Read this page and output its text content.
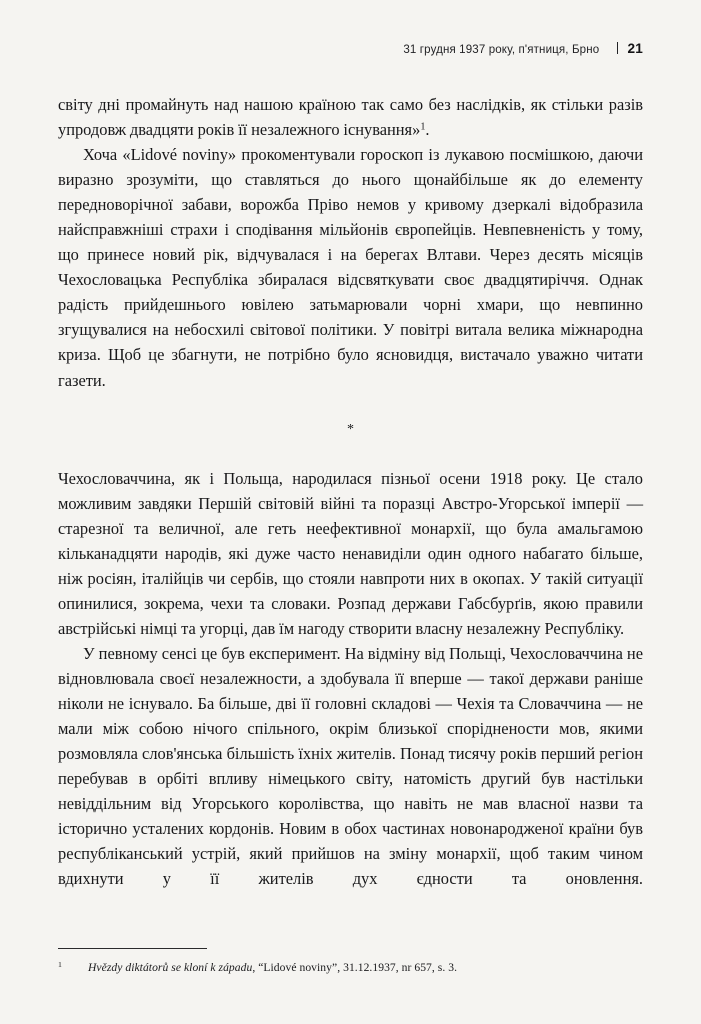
31 грудня 1937 року, п'ятниця, Брно 21

світу дні промайнуть над нашою країною так само без наслідків, як стільки разів упродовж двадцяти років її незалежного існування»$^1$.

Хоча «Lidové noviny» прокоментували гороскоп із лукавою посмішкою, даючи виразно зрозуміти, що ставляться до нього щонайбільше як до елементу передноворічної забави, ворожба Пріво немов у кривому дзеркалі відобразила найсправжніші страхи і сподівання мільйонів європейців. Невпевненість у тому, що принесе новий рік, відчувалася і на берегах Влтави. Через десять місяців Чехословацька Республіка збиралася відсвяткувати своє двадцятиріччя. Однак радість прийдешнього ювілею затьмарювали чорні хмари, що невпинно згущувалися на небосхилі світової політики. У повітрі витала велика міжнародна криза. Щоб це збагнути, не потрібно було ясновидця, вистачало уважно читати газети.

*

Чехословаччина, як і Польща, народилася пізньої осени 1918 року. Це стало можливим завдяки Першій світовій війні та поразці Австро-Угорської імперії — старезної та величної, але геть неефективної монархії, що була амальгамою кільканадцяти народів, які дуже часто ненавиділи один одного набагато більше, ніж росіян, італійців чи сербів, що стояли навпроти них в окопах. У такій ситуації опинилися, зокрема, чехи та словаки. Розпад держави Габсбурґів, якою правили австрійські німці та угорці, дав їм нагоду створити власну незалежну Республіку.

У певному сенсі це був експеримент. На відміну від Польщі, Чехословаччина не відновлювала своєї незалежности, а здобувала її вперше — такої держави раніше ніколи не існувало. Ба більше, дві її головні складові — Чехія та Словаччина — не мали між собою нічого спільного, окрім близької споріднености мов, якими розмовляла слов'янська більшість їхніх жителів. Понад тисячу років перший регіон перебував в орбіті впливу німецького світу, натомість другий був настільки невіддільним від Угорського королівства, що навіть не мав власної назви та історично усталених кордонів. Новим в обох частинах новонародженої країни був республіканський устрій, який прийшов на зміну монархії, щоб таким чином вдихнути у її жителів дух єдности та оновлення.

1	Hvězdy diktátorů se kloní k západu, “Lidové noviny”, 31.12.1937, nr 657, s. 3.
